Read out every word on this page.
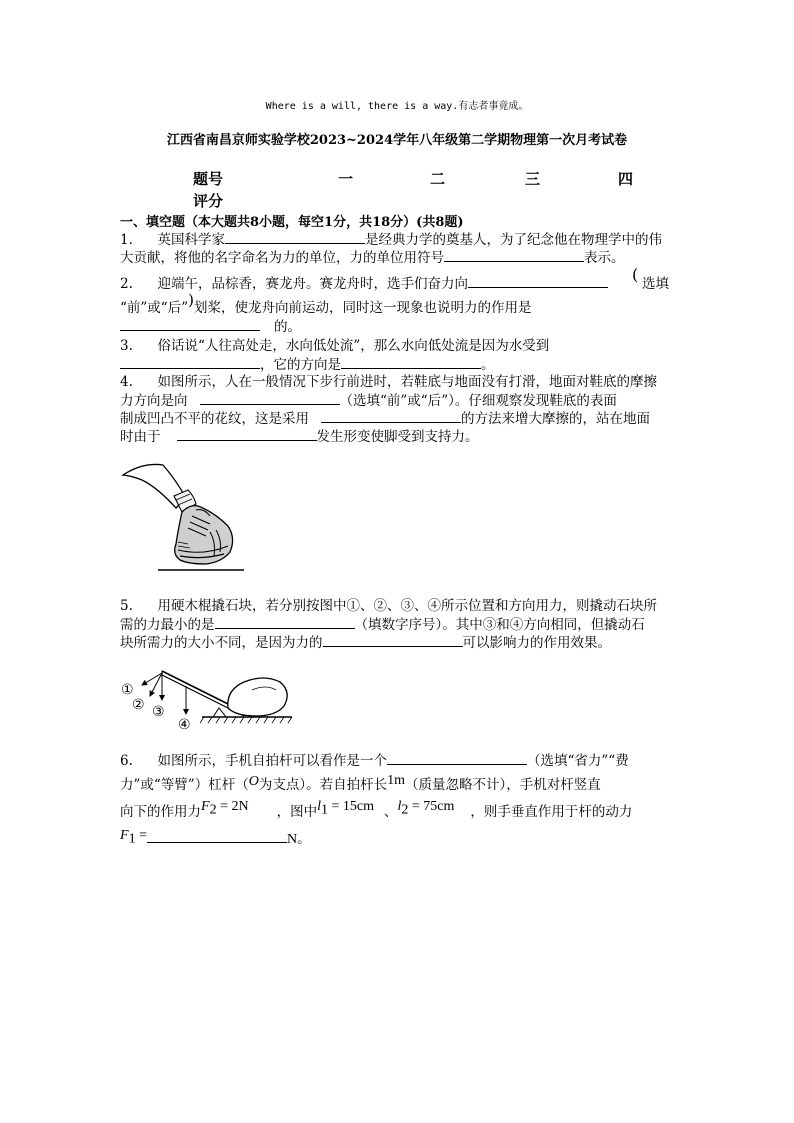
Where is a will, there is a way.有志者事竟成。
江西省南昌京师实验学校2023~2024学年八年级第二学期物理第一次月考试卷
题号	一	二	三	四
评分
一、填空题（本大题共8小题，每空1分，共18分）(共8题)
1. 英国科学家	是经典力学的奠基人，为了纪念他在物理学中的伟
大贡献，将他的名字命名为力的单位，力的单位用符号	表示。
2. 迎端午，品棕香，赛龙舟。赛龙舟时，选手们奋力向	( 选填
“前”或“后”)划桨，使龙舟向前运动，同时这一现象也说明力的作用是
的。
3. 俗话说“人往高处走，水向低处流”，那么水向低处流是因为水受到
，它的方向是	。
4. 如图所示，人在一般情况下步行前进时，若鞋底与地面没有打滑，地面对鞋底的摩擦
力方向是向	（选填“前”或“后”）。仔细观察发现鞋底的表面
制成凹凸不平的花纹，这是采用	的方法来增大摩擦的，站在地面
时由于	发生形变使脚受到支持力。
5. 用硬木棍撬石块，若分别按图中①、②、③、④所示位置和方向用力，则撬动石块所
需的力最小的是	（填数字序号）。其中③和④方向相同，但撬动石
块所需力的大小不同，是因为力的	可以影响力的作用效果。
①
② ③
④
6. 如图所示，手机自拍杆可以看作是一个	（选填“省力”“费
力”或“等臂”）杠杆（O为支点）。若自拍杆长1m（质量忽略不计），手机对杆竖直
向下的作用力$F_2 = 2N$ ，图中$l_1 = 15cm$ 、$l_2 = 75cm$ ，则手垂直作用于杆的动力
$F_1$ =	N。
